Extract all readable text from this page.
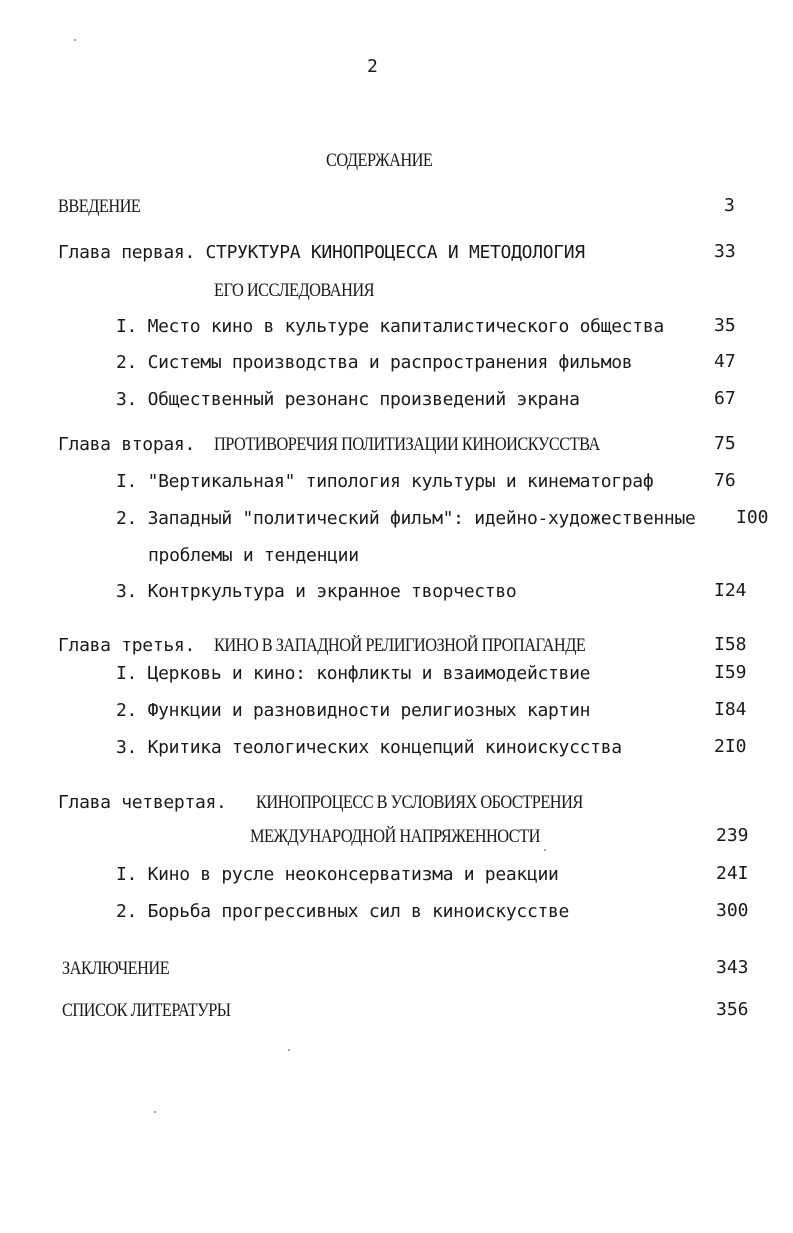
2
СОДЕРЖАНИЕ
ВВЕДЕНИЕ	3
Глава первая. СТРУКТУРА КИНОПРОЦЕССА И МЕТОДОЛОГИЯ	33
ЕГО ИССЛЕДОВАНИЯ
I. Место кино в культуре капиталистического общества	35
2. Системы производства и распространения фильмов	47
3. Общественный резонанс произведений экрана	67
Глава вторая. ПРОТИВОРЕЧИЯ ПОЛИТИЗАЦИИ КИНОИСКУССТВА	75
I. "Вертикальная" типология культуры и кинематограф	76
2. Западный "политический фильм": идейно-художественные I00
проблемы и тенденции
3. Контркультура и экранное творчество	I24
Глава третья. КИНО В ЗАПАДНОЙ РЕЛИГИОЗНОЙ ПРОПАГАНДЕ	I58
I. Церковь и кино: конфликты и взаимодействие	I59
2. Функции и разновидности религиозных картин	I84
3. Критика теологических концепций киноискусства	2I0
Глава четвертая. КИНОПРОЦЕСС В УСЛОВИЯХ ОБОСТРЕНИЯ
МЕЖДУНАРОДНОЙ НАПРЯЖЕННОСТИ	239
I. Кино в русле неоконсерватизма и реакции	24I
2. Борьба прогрессивных сил в киноискусстве	300
ЗАКЛЮЧЕНИЕ	343
СПИСОК ЛИТЕРАТУРЫ	356
